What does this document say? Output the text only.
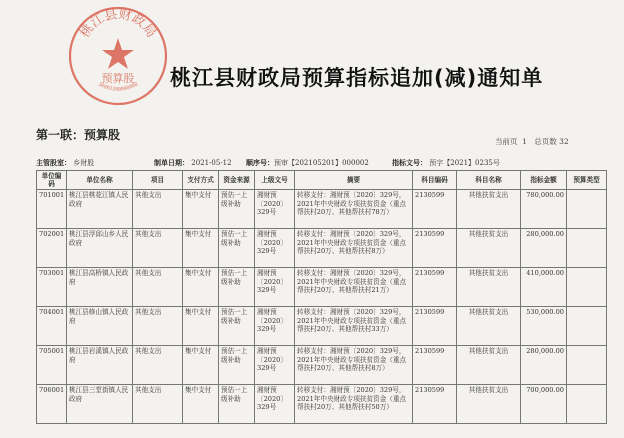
桃江县财政局
预算股
36092200000000 桃江县财政局预算指标追加(减)通知单
第一联：预算股	当前页 1 总页数 32
主管股室： 乡财股	制单日期： 2021-05-12 顺序号：预审【202105201】000002	指标文号： 预字【2021】0235号
单位编码	单位名称	项目	支付方式	资金来源	上级文号	摘要	科目编码	科目名称	指标金额	预算类型
701001	桃江县桃花江镇人民政府	其他支出	集中支付	预估一上级补助	湘财预〔2020〕329号	转移支付：湘财预〔2020〕329号，2021年中央财政专项扶贫资金（重点帮扶村20万、其他帮扶村78万）	2130599	其他扶贫支出	780,000.00	
702001	桃江县浮邱山乡人民政府	其他支出	集中支付	预估一上级补助	湘财预〔2020〕329号	转移支付：湘财预〔2020〕329号，2021年中央财政专项扶贫资金（重点帮扶村20万、其他帮扶村8万）	2130599	其他扶贫支出	280,000.00	
703001	桃江县高桥镇人民政府	其他支出	集中支付	预估一上级补助	湘财预〔2020〕329号	转移支付：湘财预〔2020〕329号，2021年中央财政专项扶贫资金（重点帮扶村20万、其他帮扶村21万）	2130599	其他扶贫支出	410,000.00	
704001	桃江县修山镇人民政府	其他支出	集中支付	预估一上级补助	湘财预〔2020〕329号	转移支付：湘财预〔2020〕329号，2021年中央财政专项扶贫资金（重点帮扶村20万、其他帮扶村33万）	2130599	其他扶贫支出	530,000.00	
705001	桃江县岩溪镇人民政府	其他支出	集中支付	预估一上级补助	湘财预〔2020〕329号	转移支付：湘财预〔2020〕329号，2021年中央财政专项扶贫资金（重点帮扶村20万、其他帮扶村8万）	2130599	其他扶贫支出	280,000.00	
706001	桃江县三堂街镇人民政府	其他支出	集中支付	预估一上级补助	湘财预〔2020〕329号	转移支付：湘财预〔2020〕329号，2021年中央财政专项扶贫资金（重点帮扶村20万、其他帮扶村50万）	2130599	其他扶贫支出	700,000.00	
